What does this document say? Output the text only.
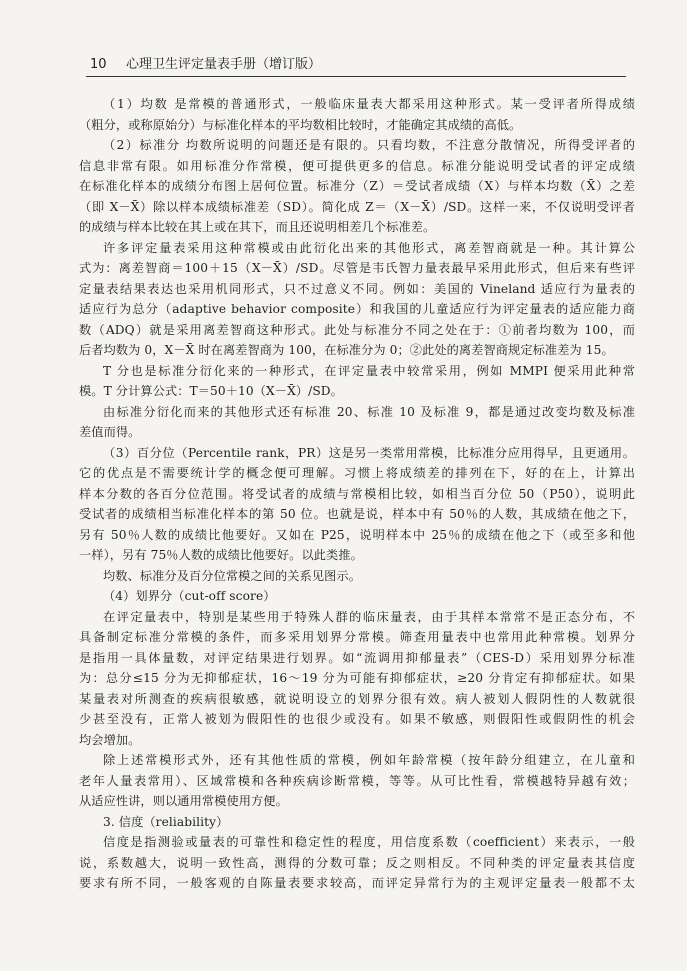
10	心理卫生评定量表手册（增订版）
（1）均数 是常模的普通形式，一般临床量表大都采用这种形式。某一受评者所得成绩
（粗分，或称原始分）与标准化样本的平均数相比较时，才能确定其成绩的高低。
（2）标准分 均数所说明的问题还是有限的。只看均数，不注意分散情况，所得受评者的
信息非常有限。如用标准分作常模，便可提供更多的信息。标准分能说明受试者的评定成绩
在标准化样本的成绩分布图上居何位置。标准分（Z）＝受试者成绩（X）与样本均数（X̄）之差
（即 X－X̄）除以样本成绩标准差（SD）。简化成 Z＝（X－X̄）/SD。这样一来，不仅说明受评者
的成绩与样本比较在其上或在其下，而且还说明相差几个标准差。
许多评定量表采用这种常模或由此衍化出来的其他形式，离差智商就是一种。其计算公
式为：离差智商＝100＋15（X－X̄）/SD。尽管是韦氏智力量表最早采用此形式，但后来有些评
定量表结果表达也采用机同形式，只不过意义不同。例如：美国的 Vineland 适应行为量表的
适应行为总分（adaptive behavior composite）和我国的儿童适应行为评定量表的适应能力商
数（ADQ）就是采用离差智商这种形式。此处与标准分不同之处在于：①前者均数为 100，而
后者均数为 0，X－X̄ 时在离差智商为 100，在标准分为 0；②此处的离差智商规定标准差为 15。
T 分也是标准分衍化来的一种形式，在评定量表中较常采用，例如 MMPI 便采用此种常
模。T 分计算公式：T＝50＋10（X－X̄）/SD。
由标准分衍化而来的其他形式还有标准 20、标准 10 及标准 9，都是通过改变均数及标准
差值而得。
（3）百分位（Percentile rank，PR）这是另一类常用常模，比标准分应用得早，且更通用。
它的优点是不需要统计学的概念便可理解。习惯上将成绩差的排列在下，好的在上，计算出
样本分数的各百分位范围。将受试者的成绩与常模相比较，如相当百分位 50（P50），说明此
受试者的成绩相当标准化样本的第 50 位。也就是说，样本中有 50％的人数，其成绩在他之下，
另有 50％人数的成绩比他要好。又如在 P25，说明样本中 25％的成绩在他之下（或至多和他
一样），另有 75％人数的成绩比他要好。以此类推。
均数、标准分及百分位常模之间的关系见图示。
（4）划界分（cut-off score）
在评定量表中，特别是某些用于特殊人群的临床量表，由于其样本常常不是正态分布，不
具备制定标准分常模的条件，而多采用划界分常模。筛查用量表中也常用此种常模。划界分
是指用一具体量数，对评定结果进行划界。如“流调用抑郁量表”（CES-D）采用划界分标准
为：总分≤15 分为无抑郁症状，16～19 分为可能有抑郁症状，≥20 分肯定有抑郁症状。如果
某量表对所测查的疾病很敏感，就说明设立的划界分很有效。病人被划人假阴性的人数就很
少甚至没有，正常人被划为假阳性的也很少或没有。如果不敏感，则假阳性或假阴性的机会
均会增加。
除上述常模形式外，还有其他性质的常模，例如年龄常模（按年龄分组建立，在儿童和
老年人量表常用）、区域常模和各种疾病诊断常模，等等。从可比性看，常模越特异越有效；
从适应性讲，则以通用常模使用方便。
3. 信度（reliability）
信度是指测验或量表的可靠性和稳定性的程度，用信度系数（coefficient）来表示，一般
说，系数越大，说明一致性高，测得的分数可靠；反之则相反。不同种类的评定量表其信度
要求有所不同，一般客观的自陈量表要求较高，而评定异常行为的主观评定量表一般都不太
